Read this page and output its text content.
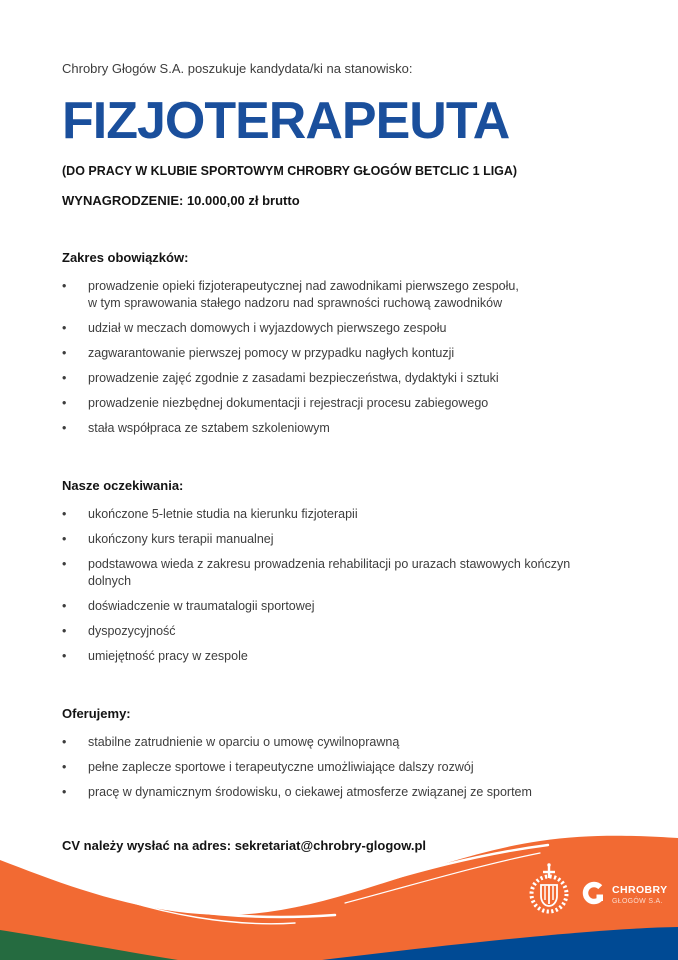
Chrobry Głogów S.A. poszukuje kandydata/ki na stanowisko:
FIZJOTERAPEUTA
(DO PRACY W KLUBIE SPORTOWYM CHROBRY GŁOGÓW BETCLIC 1 LIGA)
WYNAGRODZENIE: 10.000,00 zł brutto
Zakres obowiązków:
•	prowadzenie opieki fizjoterapeutycznej nad zawodnikami pierwszego zespołu,
w tym sprawowania stałego nadzoru nad sprawności ruchową zawodników
•	udział w meczach domowych i wyjazdowych pierwszego zespołu
•	zagwarantowanie pierwszej pomocy w przypadku nagłych kontuzji
•	prowadzenie zajęć zgodnie z zasadami bezpieczeństwa, dydaktyki i sztuki
•	prowadzenie niezbędnej dokumentacji i rejestracji procesu zabiegowego
•	stała współpraca ze sztabem szkoleniowym
Nasze oczekiwania:
•	ukończone 5-letnie studia na kierunku fizjoterapii
•	ukończony kurs terapii manualnej
•	podstawowa wieda z zakresu prowadzenia rehabilitacji po urazach stawowych kończyn
dolnych
•	doświadczenie w traumatalogii sportowej
•	dyspozycyjność
•	umiejętność pracy w zespole
Oferujemy:
•	stabilne zatrudnienie w oparciu o umowę cywilnoprawną
•	pełne zaplecze sportowe i terapeutyczne umożliwiające dalszy rozwój
•	pracę w dynamicznym środowisku, o ciekawej atmosferze związanej ze sportem
CV należy wysłać na adres: sekretariat@chrobry-glogow.pl
CHROBRY
GŁOGÓW S.A.
